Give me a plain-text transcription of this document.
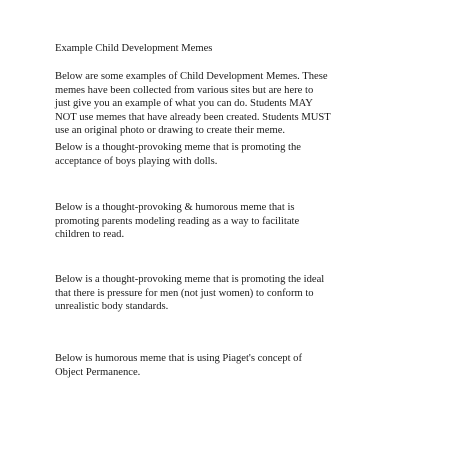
Example Child Development Memes

Below are some examples of Child Development Memes. These
memes have been collected from various sites but are here to
just give you an example of what you can do. Students MAY
NOT use memes that have already been created. Students MUST
use an original photo or drawing to create their meme.

Below is a thought-provoking meme that is promoting the
acceptance of boys playing with dolls.

Below is a thought-provoking & humorous meme that is
promoting parents modeling reading as a way to facilitate
children to read.

Below is a thought-provoking meme that is promoting the ideal
that there is pressure for men (not just women) to conform to
unrealistic body standards.

Below is humorous meme that is using Piaget's concept of
Object Permanence.
